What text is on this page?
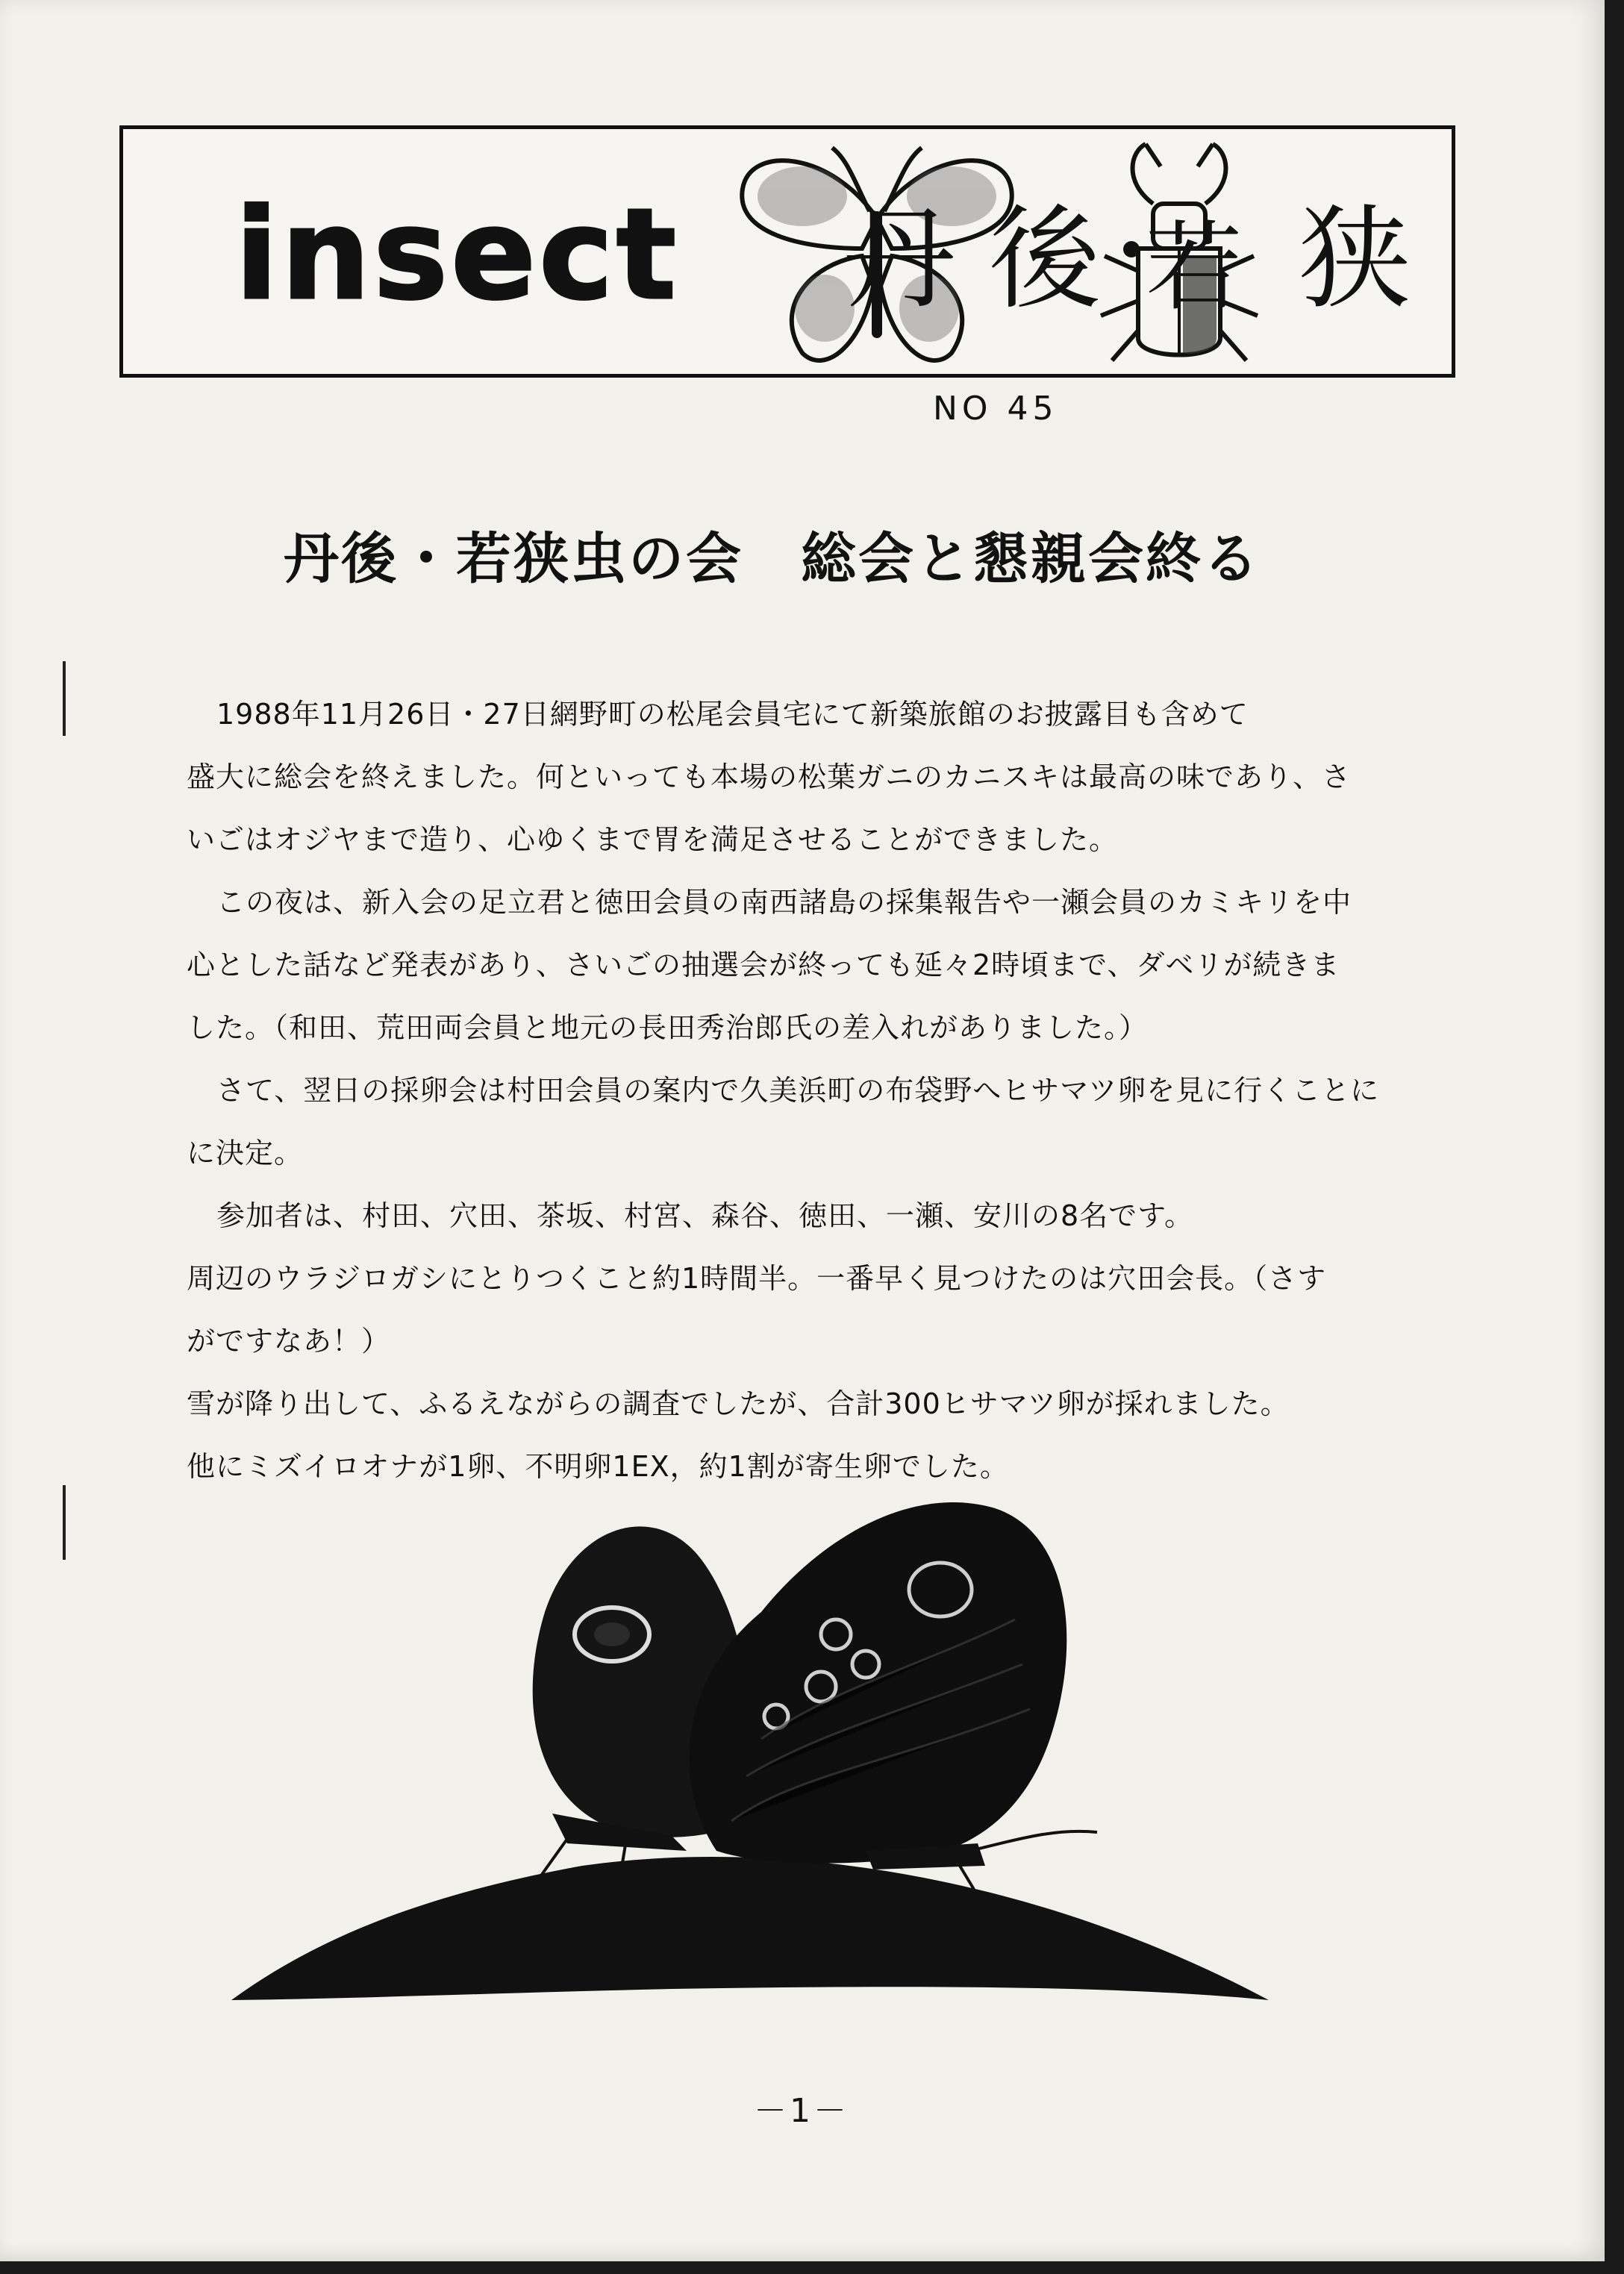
insect 丹 後 若 狭
NO 45
丹後・若狭虫の会　総会と懇親会終る

1988年11月26日・27日網野町の松尾会員宅にて新築旅館のお披露目も含めて

盛大に総会を終えました。何といっても本場の松葉ガニのカニスキは最高の味であり、さ

いごはオジヤまで造り、心ゆくまで胃を満足させることができました。

この夜は、新入会の足立君と徳田会員の南西諸島の採集報告や一瀬会員のカミキリを中

心とした話など発表があり、さいごの抽選会が終っても延々2時頃まで、ダベリが続きま

した。（和田、荒田両会員と地元の長田秀治郎氏の差入れがありました。）

さて、翌日の採卵会は村田会員の案内で久美浜町の布袋野へヒサマツ卵を見に行くことに

に決定。

参加者は、村田、穴田、茶坂、村宮、森谷、徳田、一瀬、安川の8名です。

周辺のウラジロガシにとりつくこと約1時間半。一番早く見つけたのは穴田会長。（さす

がですなあ！）

雪が降り出して、ふるえながらの調査でしたが、合計300ヒサマツ卵が採れました。

他にミズイロオナが1卵、不明卵1EX，約1割が寄生卵でした。

－1－
